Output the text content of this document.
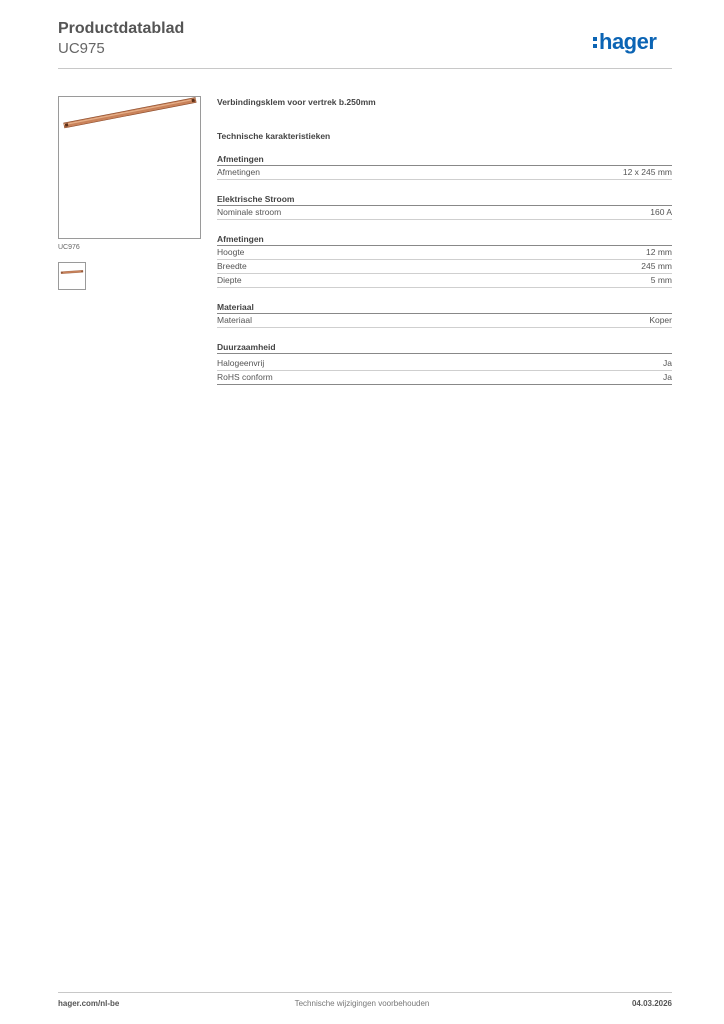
Productdatablad
UC975	hager
UC976
Verbindingsklem voor vertrek b.250mm
Technische karakteristieken
Afmetingen
Afmetingen	12 x 245 mm
Elektrische Stroom
Nominale stroom	160 A
Afmetingen
Hoogte	12 mm
Breedte	245 mm
Diepte	5 mm
Materiaal
Materiaal	Koper
Duurzaamheid
Halogeenvrij	Ja
RoHS conform	Ja
hager.com/nl-be	Technische wijzigingen voorbehouden	04.03.2026
